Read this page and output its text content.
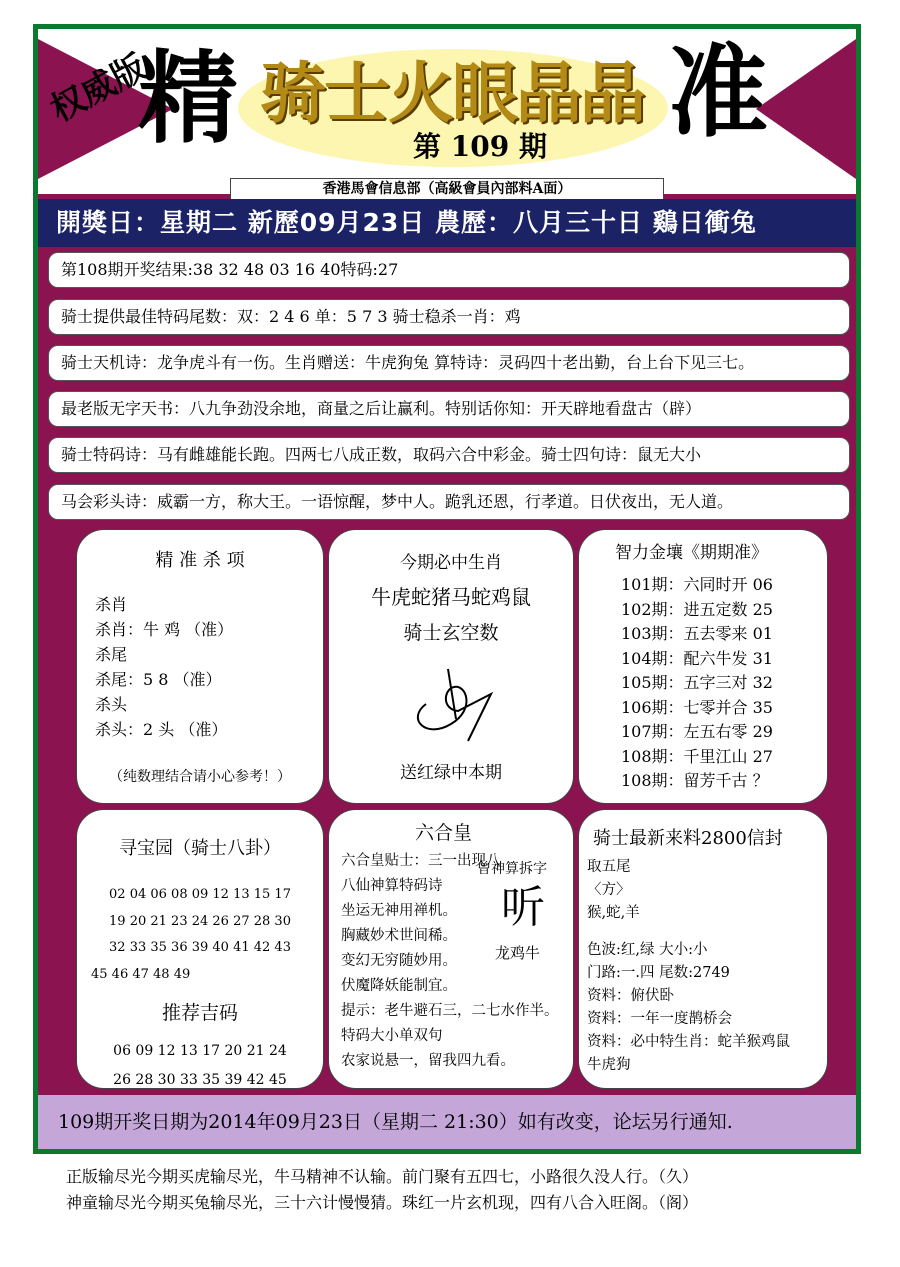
权威版
精 骑士火眼晶晶
第 109 期 准
香港馬會信息部（高級會員內部料A面）
開獎日：星期二 新歷09月23日 農歷：八月三十日 鷄日衝兔
第108期开奖结果:38 32 48 03 16 40特码:27
骑士提供最佳特码尾数：双：2 4 6 单：5 7 3 骑士稳杀一肖：鸡
骑士天机诗：龙争虎斗有一伤。生肖赠送：牛虎狗兔 算特诗：灵码四十老出勤，台上台下见三七。
最老版无字天书：八九争劲没余地，商量之后让赢利。特别话你知：开天辟地看盘古（辟）
骑士特码诗：马有雌雄能长跑。四两七八成正数，取码六合中彩金。骑士四句诗：鼠无大小
马会彩头诗：威霸一方，称大王。一语惊醒，梦中人。跪乳还恩，行孝道。日伏夜出，无人道。
精 准 杀 项
杀肖
杀肖：牛 鸡 （准）
杀尾
杀尾：5 8 （准）
杀头
杀头：2 头 （准）
（纯数理结合请小心参考！）
今期必中生肖
牛虎蛇猪马蛇鸡鼠
骑士玄空数
送红绿中本期
智力金壤《期期准》
101期：六同时开 06
102期：进五定数 25
103期：五去零来 01
104期：配六牛发 31
105期：五字三对 32
106期：七零并合 35
107期：左五右零 29
108期：千里江山 27
108期：留芳千古 ？
寻宝园（骑士八卦）
02 04 06 08 09 12 13 15 17
19 20 21 23 24 26 27 28 30
32 33 35 36 39 40 41 42 43
45 46 47 48 49
推荐吉码
06 09 12 13 17 20 21 24
26 28 30 33 35 39 42 45
六合皇
六合皇贴士：三一出现八
八仙神算特码诗
坐运无神用禅机。
胸藏妙术世间稀。
变幻无穷随妙用。
伏魔降妖能制宜。
提示：老牛避石三，二七水作半。
特码大小单双句
农家说悬一，留我四九看。
曾神算拆字
听
龙鸡牛
骑士最新来料2800信封
取五尾
〈方〉
猴,蛇,羊
色波:红,绿 大小:小
门路:一.四 尾数:2749
资料：俯伏卧
资料：一年一度鹊桥会
资料：必中特生肖：蛇羊猴鸡鼠
牛虎狗
109期开奖日期为2014年09月23日（星期二 21:30）如有改变，论坛另行通知.
正版输尽光今期买虎输尽光，牛马精神不认输。前门聚有五四七，小路很久没人行。（久）
神童输尽光今期买兔输尽光，三十六计慢慢猜。珠红一片玄机现，四有八合入旺阁。（阁）
